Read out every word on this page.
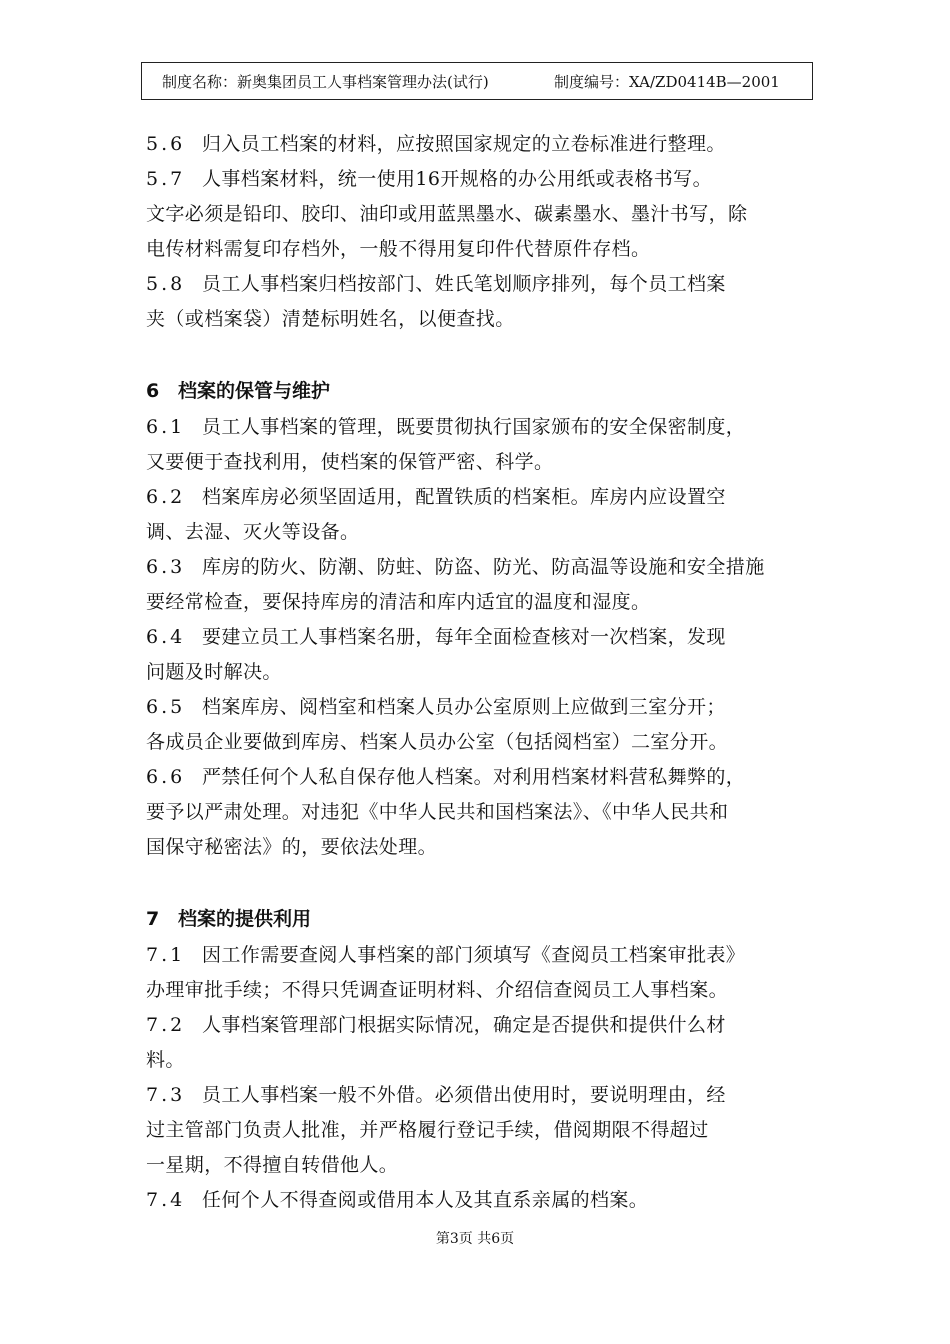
制度名称：新奥集团员工人事档案管理办法(试行)	制度编号：XA/ZD0414B—2001
5.6 归入员工档案的材料，应按照国家规定的立卷标准进行整理。
5.7 人事档案材料，统一使用16开规格的办公用纸或表格书写。
文字必须是铅印、胶印、油印或用蓝黑墨水、碳素墨水、墨汁书写，除
电传材料需复印存档外，一般不得用复印件代替原件存档。
5.8 员工人事档案归档按部门、姓氏笔划顺序排列，每个员工档案
夹（或档案袋）清楚标明姓名，以便查找。
6 档案的保管与维护
6.1 员工人事档案的管理，既要贯彻执行国家颁布的安全保密制度，
又要便于查找利用，使档案的保管严密、科学。
6.2 档案库房必须坚固适用，配置铁质的档案柜。库房内应设置空
调、去湿、灭火等设备。
6.3 库房的防火、防潮、防蛀、防盗、防光、防高温等设施和安全措施
要经常检查，要保持库房的清洁和库内适宜的温度和湿度。
6.4 要建立员工人事档案名册，每年全面检查核对一次档案，发现
问题及时解决。
6.5 档案库房、阅档室和档案人员办公室原则上应做到三室分开；
各成员企业要做到库房、档案人员办公室（包括阅档室）二室分开。
6.6 严禁任何个人私自保存他人档案。对利用档案材料营私舞弊的，
要予以严肃处理。对违犯《中华人民共和国档案法》、《中华人民共和
国保守秘密法》的，要依法处理。
7 档案的提供利用
7.1 因工作需要查阅人事档案的部门须填写《查阅员工档案审批表》
办理审批手续；不得只凭调查证明材料、介绍信查阅员工人事档案。
7.2 人事档案管理部门根据实际情况，确定是否提供和提供什么材
料。
7.3 员工人事档案一般不外借。必须借出使用时，要说明理由，经
过主管部门负责人批准，并严格履行登记手续，借阅期限不得超过
一星期，不得擅自转借他人。
7.4 任何个人不得查阅或借用本人及其直系亲属的档案。
第3页 共6页
